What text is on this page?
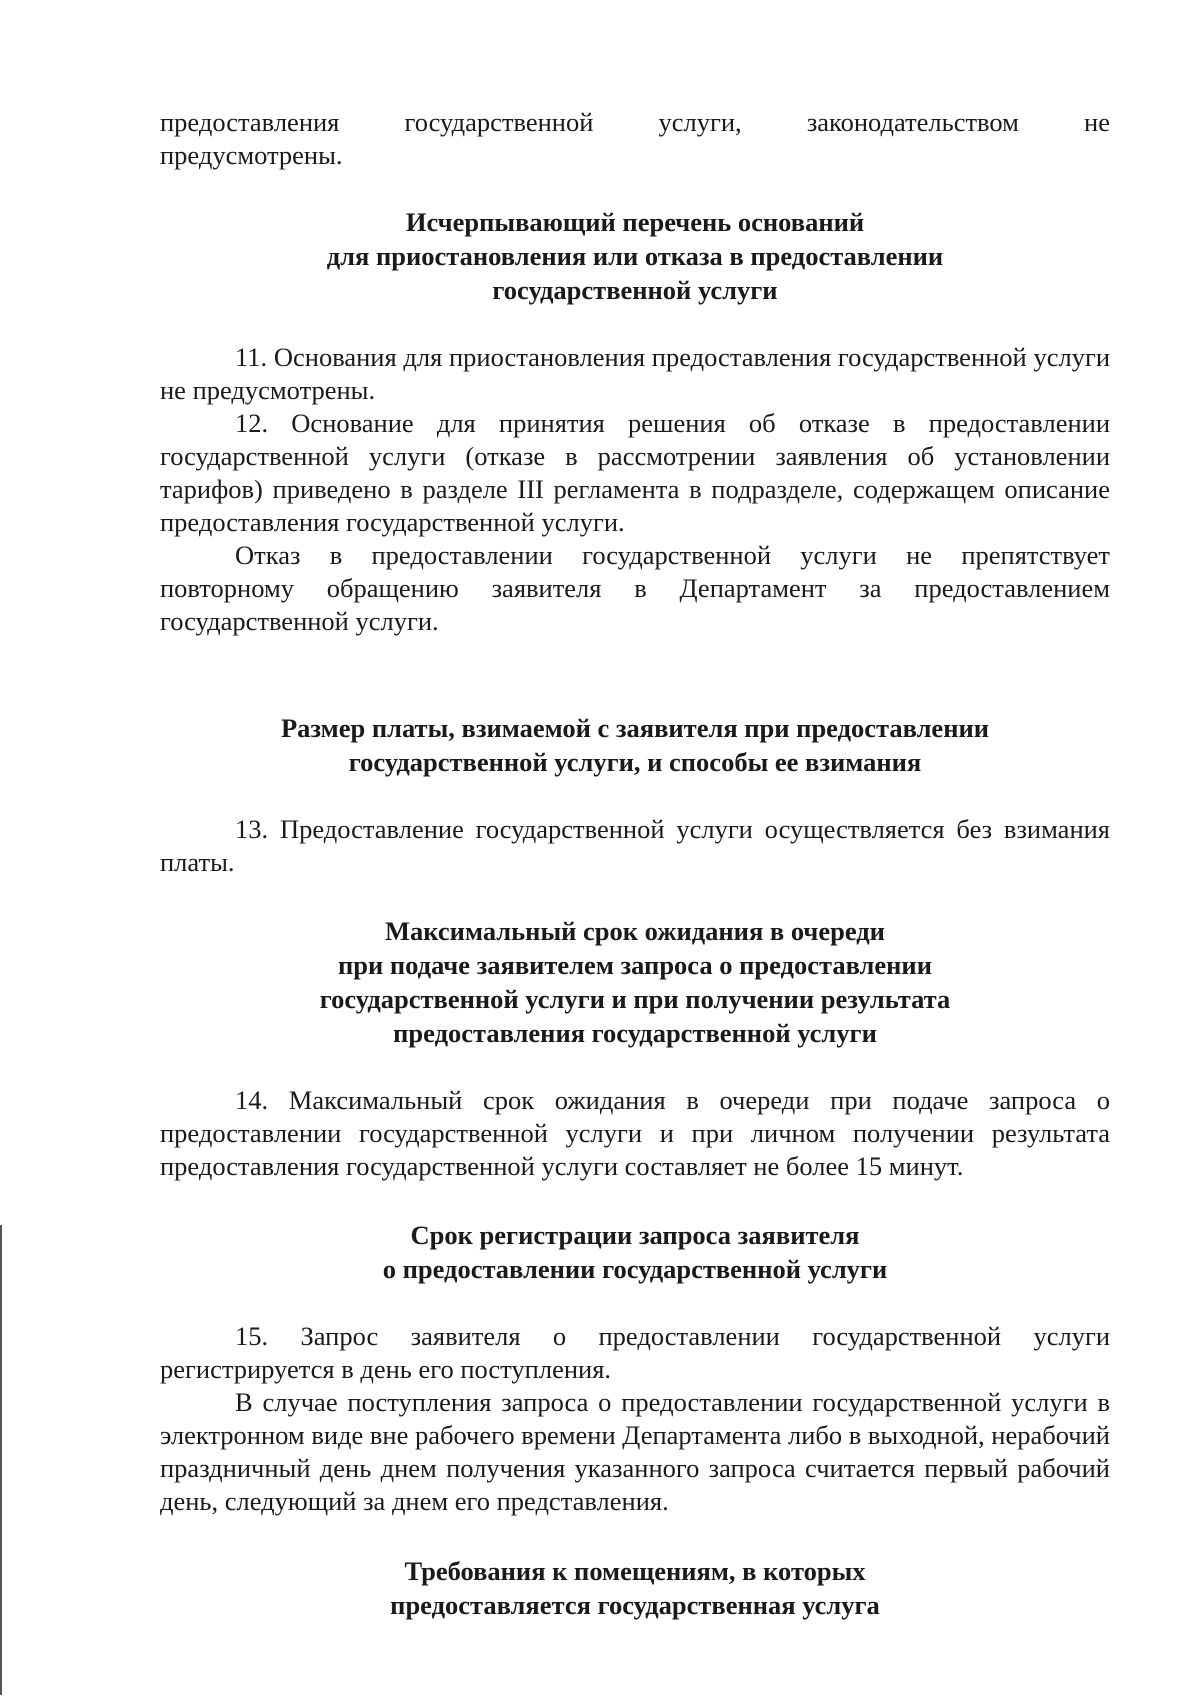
предоставления государственной услуги, законодательством не

предусмотрены.

Исчерпывающий перечень оснований
для приостановления или отказа в предоставлении
государственной услуги

11. Основания для приостановления предоставления государственной услуги не предусмотрены.

12. Основание для принятия решения об отказе в предоставлении государственной услуги (отказе в рассмотрении заявления об установлении тарифов) приведено в разделе III регламента в подразделе, содержащем описание предоставления государственной услуги.

Отказ в предоставлении государственной услуги не препятствует повторному обращению заявителя в Департамент за предоставлением государственной услуги.

Размер платы, взимаемой с заявителя при предоставлении
государственной услуги, и способы ее взимания

13. Предоставление государственной услуги осуществляется без взимания платы.

Максимальный срок ожидания в очереди
при подаче заявителем запроса о предоставлении
государственной услуги и при получении результата
предоставления государственной услуги

14. Максимальный срок ожидания в очереди при подаче запроса о предоставлении государственной услуги и при личном получении результата предоставления государственной услуги составляет не более 15 минут.

Срок регистрации запроса заявителя
о предоставлении государственной услуги

15. Запрос заявителя о предоставлении государственной услуги регистрируется в день его поступления.

В случае поступления запроса о предоставлении государственной услуги в электронном виде вне рабочего времени Департамента либо в выходной, нерабочий праздничный день днем получения указанного запроса считается первый рабочий день, следующий за днем его представления.

Требования к помещениям, в которых
предоставляется государственная услуга
